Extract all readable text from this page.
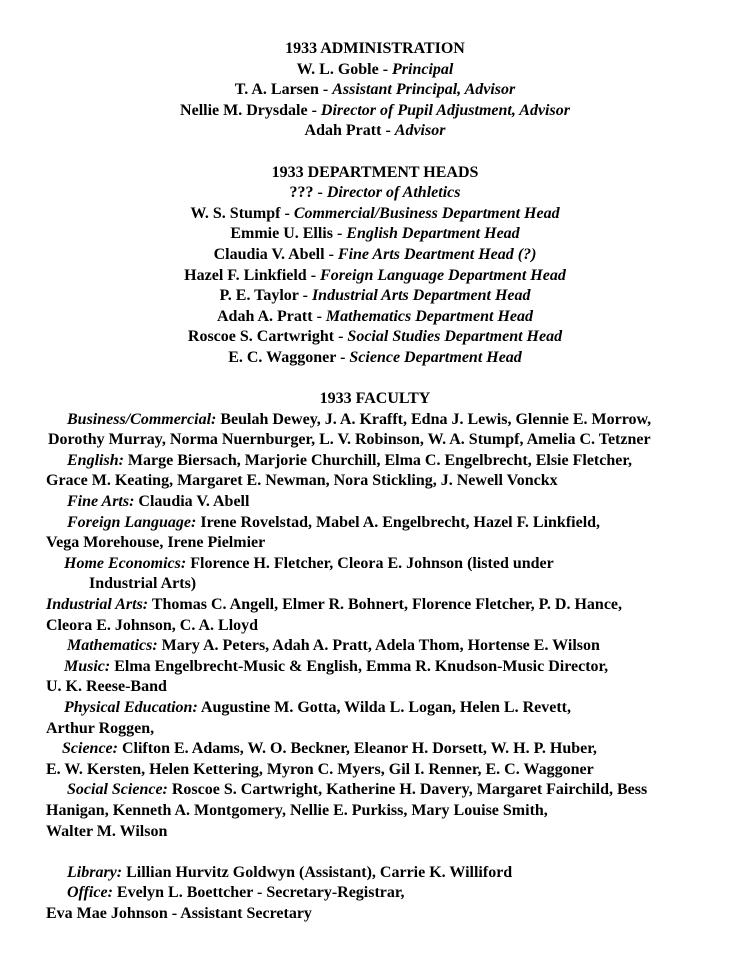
1933 ADMINISTRATION

W. L. Goble - Principal

T. A. Larsen - Assistant Principal, Advisor

Nellie M. Drysdale - Director of Pupil Adjustment, Advisor

Adah Pratt - Advisor

1933 DEPARTMENT HEADS

??? - Director of Athletics

W. S. Stumpf - Commercial/Business Department Head

Emmie U. Ellis - English Department Head

Claudia V. Abell - Fine Arts Deartment Head (?)

Hazel F. Linkfield - Foreign Language Department Head

P. E. Taylor - Industrial Arts Department Head

Adah A. Pratt - Mathematics Department Head

Roscoe S. Cartwright - Social Studies Department Head

E. C. Waggoner - Science Department Head

1933 FACULTY

Business/Commercial: Beulah Dewey, J. A. Krafft, Edna J. Lewis, Glennie E. Morrow,

Dorothy Murray, Norma Nuernburger, L. V. Robinson, W. A. Stumpf, Amelia C. Tetzner

English: Marge Biersach, Marjorie Churchill, Elma C. Engelbrecht, Elsie Fletcher,

Grace M. Keating, Margaret E. Newman, Nora Stickling, J. Newell Vonckx

Fine Arts: Claudia V. Abell

Foreign Language: Irene Rovelstad, Mabel A. Engelbrecht, Hazel F. Linkfield,

Vega Morehouse, Irene Pielmier

Home Economics: Florence H. Fletcher, Cleora E. Johnson (listed under

Industrial Arts)

Industrial Arts: Thomas C. Angell, Elmer R. Bohnert, Florence Fletcher, P. D. Hance,

Cleora E. Johnson, C. A. Lloyd

Mathematics: Mary A. Peters, Adah A. Pratt, Adela Thom, Hortense E. Wilson

Music: Elma Engelbrecht-Music & English, Emma R. Knudson-Music Director,

U. K. Reese-Band

Physical Education: Augustine M. Gotta, Wilda L. Logan, Helen L. Revett,

Arthur Roggen,

Science: Clifton E. Adams, W. O. Beckner, Eleanor H. Dorsett, W. H. P. Huber,

E. W. Kersten, Helen Kettering, Myron C. Myers, Gil I. Renner, E. C. Waggoner

Social Science: Roscoe S. Cartwright, Katherine H. Davery, Margaret Fairchild, Bess

Hanigan, Kenneth A. Montgomery, Nellie E. Purkiss, Mary Louise Smith,

Walter M. Wilson

Library: Lillian Hurvitz Goldwyn (Assistant), Carrie K. Williford

Office: Evelyn L. Boettcher - Secretary-Registrar,

Eva Mae Johnson - Assistant Secretary
